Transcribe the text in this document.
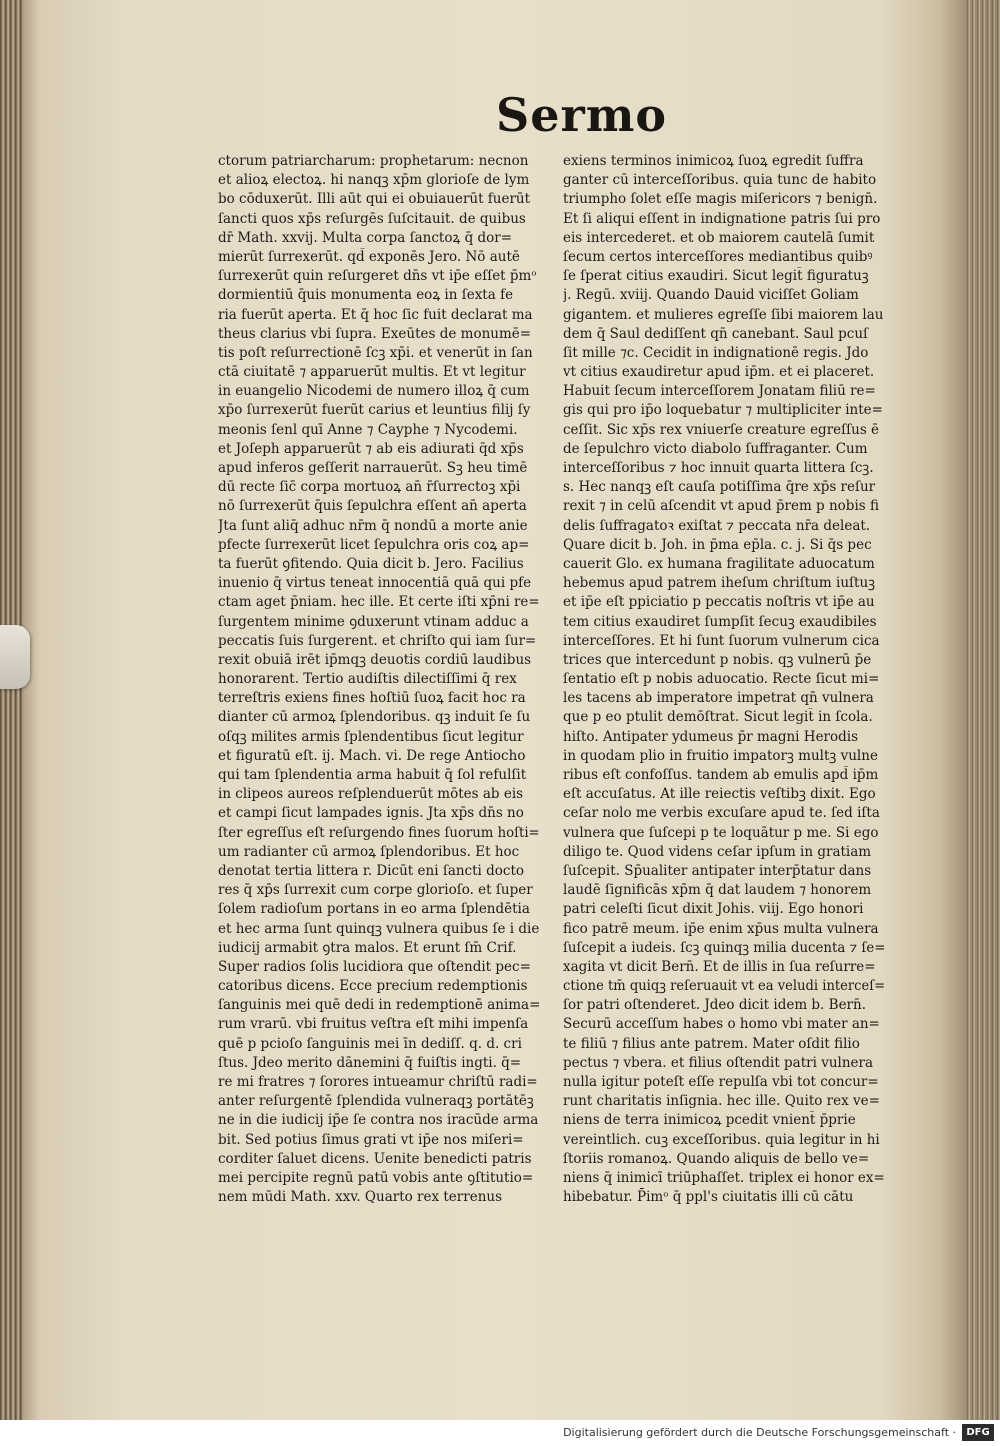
Sermo
ctorum patriarcharum: prophetarum: necnon
et alioꝝ electoꝝ. hi nanqꝫ xp̄m glorioſe de lym
bo cōduxerūt. Illi aūt qui ei obuiauerūt fuerūt
ſancti quos xp̄s reſurgēs ſuſcitauit. de quibus
dr̄ Math. xxvij. Multa corpa ſanctoꝝ q̄ dor=
mierūt ſurrexerūt. qd̄ exponēs Jero. Nō autē
ſurrexerūt quin reſurgeret dn̄s vt ip̄e eſſet p̄mᵒ
dormientiū q̄uis monumenta eoꝝ in ſexta fe
ria fuerūt aperta. Et q̄ hoc ſic fuit declarat ma
theus clarius vbi ſupra. Exeūtes de monumē=
tis poſt reſurrectionē ſcꝫ xp̄i. et venerūt in ſan
ctā ciuitatē ⁊ apparuerūt multis. Et vt legitur
in euangelio Nicodemi de numero illoꝝ q̄ cum
xp̄o ſurrexerūt fuerūt carius et leuntius filij ſy
meonis ſenl quī Anne ⁊ Cayphe ⁊ Nycodemi.
et Joſeph apparuerūt ⁊ ab eis adiurati q̄d xp̄s
apud inferos geſſerit narrauerūt. Sꝫ heu timē
dū recte ſic̄ corpa mortuoꝝ an̄ r̄ſurrectoꝫ xp̄i
nō ſurrexerūt q̄uis ſepulchra eſſent an̄ aperta
Jta ſunt aliq̄ adhuc nr̄m q̄ nondū a morte anie
pfecte ſurrexerūt licet ſepulchra oris coꝝ ap=
ta fuerūt ꝯfitendo. Quia dicit b. Jero. Facilius
inuenio q̄ virtus teneat innocentiā quā qui pfe
ctam aget p̄niam. hec ille. Et certe iſti xp̄ni re=
ſurgentem minime ꝯduxerunt vtinam adduc a
peccatis ſuis ſurgerent. et chriſto qui iam ſur=
rexit obuiā irēt ip̄mqꝫ deuotis cordiū laudibus
honorarent. Tertio audiſtis dilectiſſimi q̄ rex
terreſtris exiens fines hoſtiū ſuoꝝ facit hoc ra
dianter cū armoꝝ ſplendoribus. qꝫ induit ſe ſu
oſqꝫ milites armis ſplendentibus ſicut legitur
et figuratū eſt. ij. Mach. vi. De rege Antiocho
qui tam ſplendentia arma habuit q̄ ſol refulſit
in clipeos aureos reſplenduerūt mōtes ab eis
et campi ſicut lampades ignis. Jta xp̄s dn̄s no
ſter egreſſus eſt reſurgendo fines ſuorum hoſti=
um radianter cū armoꝝ ſplendoribus. Et hoc
denotat tertia littera r. Dicūt eni ſancti docto
res q̄ xp̄s ſurrexit cum corpe glorioſo. et ſuper
ſolem radioſum portans in eo arma ſplendētia
et hec arma ſunt quinqꝫ vulnera quibus ſe i die
iudicij armabit ꝯtra malos. Et erunt ſm̄ Crif.
Super radios ſolis lucidiora que oſtendit pec=
catoribus dicens. Ecce precium redemptionis
ſanguinis mei quē dedi in redemptionē anima=
rum vrarū. vbi fruitus veſtra eſt mihi impenſa
quē p pcioſo ſanguinis mei īn dediſſ. q. d. cri
ſtus. Jdeo merito dānemini q̄ fuiſtis ingti. q̄=
re mi fratres ⁊ ſorores intueamur chriſtū radi=
anter reſurgentē ſplendida vulneraqꝫ portātēꝫ
ne in die iudicij ip̄e ſe contra nos iracūde arma
bit. Sed potius ſimus grati vt ip̄e nos miſeri=
corditer ſaluet dicens. Uenite benedicti patris
mei percipite regnū patū vobis ante ꝯſtitutio=
nem mūdi Math. xxv. Quarto rex terrenus
exiens terminos inimicoꝝ ſuoꝝ egredit ſuffra
ganter cū interceſſoribus. quia tunc de habito
triumpho ſolet eſſe magis miſericors ⁊ benign̄.
Et ſi aliqui eſſent in indignatione patris ſui pro
eis intercederet. et ob maiorem cautelā ſumit
ſecum certos interceſſores mediantibus quibꝰ
ſe ſperat citius exaudiri. Sicut legit̄ figuratuꝫ
j. Regū. xviij. Quando Dauid viciſſet Goliam
gigantem. et mulieres egreſſe ſibi maiorem lau
dem q̄ Saul dediſſent qn̄ canebant. Saul pcuſ
ſit mille ⁊c. Cecidit in indignationē regis. Jdo
vt citius exaudiretur apud ip̄m. et ei placeret.
Habuit ſecum interceſſorem Jonatam filiū re=
gis qui pro ip̄o loquebatur ⁊ multipliciter inte=
ceſſit. Sic xp̄s rex vniuerſe creature egreſſus ē
de ſepulchro victo diabolo ſuffraganter. Cum
interceſſoribus ⁊ hoc innuit quarta littera ſcꝫ.
s. Hec nanqꝫ eſt cauſa potiſſima q̄re xp̄s reſur
rexit ⁊ in celū aſcendit vt apud p̄rem p nobis fi
delis ſuffragatoꝛ exiſtat ⁊ peccata nr̄a deleat.
Quare dicit b. Joh. in p̄ma ep̄la. c. j. Si q̄s pec
cauerit Glo. ex humana fragilitate aduocatum
hebemus apud patrem iheſum chriſtum iuſtuꝫ
et ip̄e eſt ppiciatio p peccatis noſtris vt ip̄e au
tem citius exaudiret ſumpſit ſecuꝫ exaudibiles
interceſſores. Et hi ſunt ſuorum vulnerum cica
trices que intercedunt p nobis. qꝫ vulnerū p̄e
ſentatio eſt p nobis aduocatio. Recte ſicut mi=
les tacens ab imperatore impetrat qn̄ vulnera
que p eo ptulit demōſtrat. Sicut legit̄ in ſcola.
hiſto. Antipater ydumeus p̄r magni Herodis
in quodam plio in fruitio impatorꝫ multꝫ vulne
ribus eſt confoſſus. tandem ab emulis apd̄ ip̄m
eſt accuſatus. At ille reiectis veſtibꝫ dixit. Ego
ceſar nolo me verbis excuſare apud te. ſed iſta
vulnera que ſuſcepi p te loquātur p me. Si ego
diligo te. Quod videns ceſar ipſum in gratiam
ſuſcepit. Sp̄ualiter antipater interp̄tatur dans
laudē ſignificās xp̄m q̄ dat laudem ⁊ honorem
patri celeſti ſicut dixit Johis. viij. Ego honori
fico patrē meum. ip̄e enim xp̄us multa vulnera
ſuſcepit a iudeis. ſcꝫ quinqꝫ milia ducenta ⁊ ſe=
xagita vt dicit Bern̄. Et de illis in ſua reſurre=
ctione tm̄ quiqꝫ reſeruauit vt ea veludi interceſ=
ſor patri oſtenderet. Jdeo dicit idem b. Bern̄.
Securū acceſſum habes o homo vbi mater an=
te filiū ⁊ filius ante patrem. Mater oſdit filio
pectus ⁊ vbera. et filius oſtendit patri vulnera
nulla igitur poteſt eſſe repulſa vbi tot concur=
runt charitatis inſignia. hec ille. Quito rex ve=
niens de terra inimicoꝝ pcedit vnient̄ p̄prie
vereintlich. cuꝫ exceſſoribus. quia legitur in hi
ſtoriis romanoꝝ. Quando aliquis de bello ve=
niens q̄ inimicī triūphaſſet. triplex ei honor ex=
hibebatur. P̄imᵒ q̄ ppl's ciuitatis illi cū cātu
Digitalisierung gefördert durch die Deutsche Forschungsgemeinschaft ·	DFG
